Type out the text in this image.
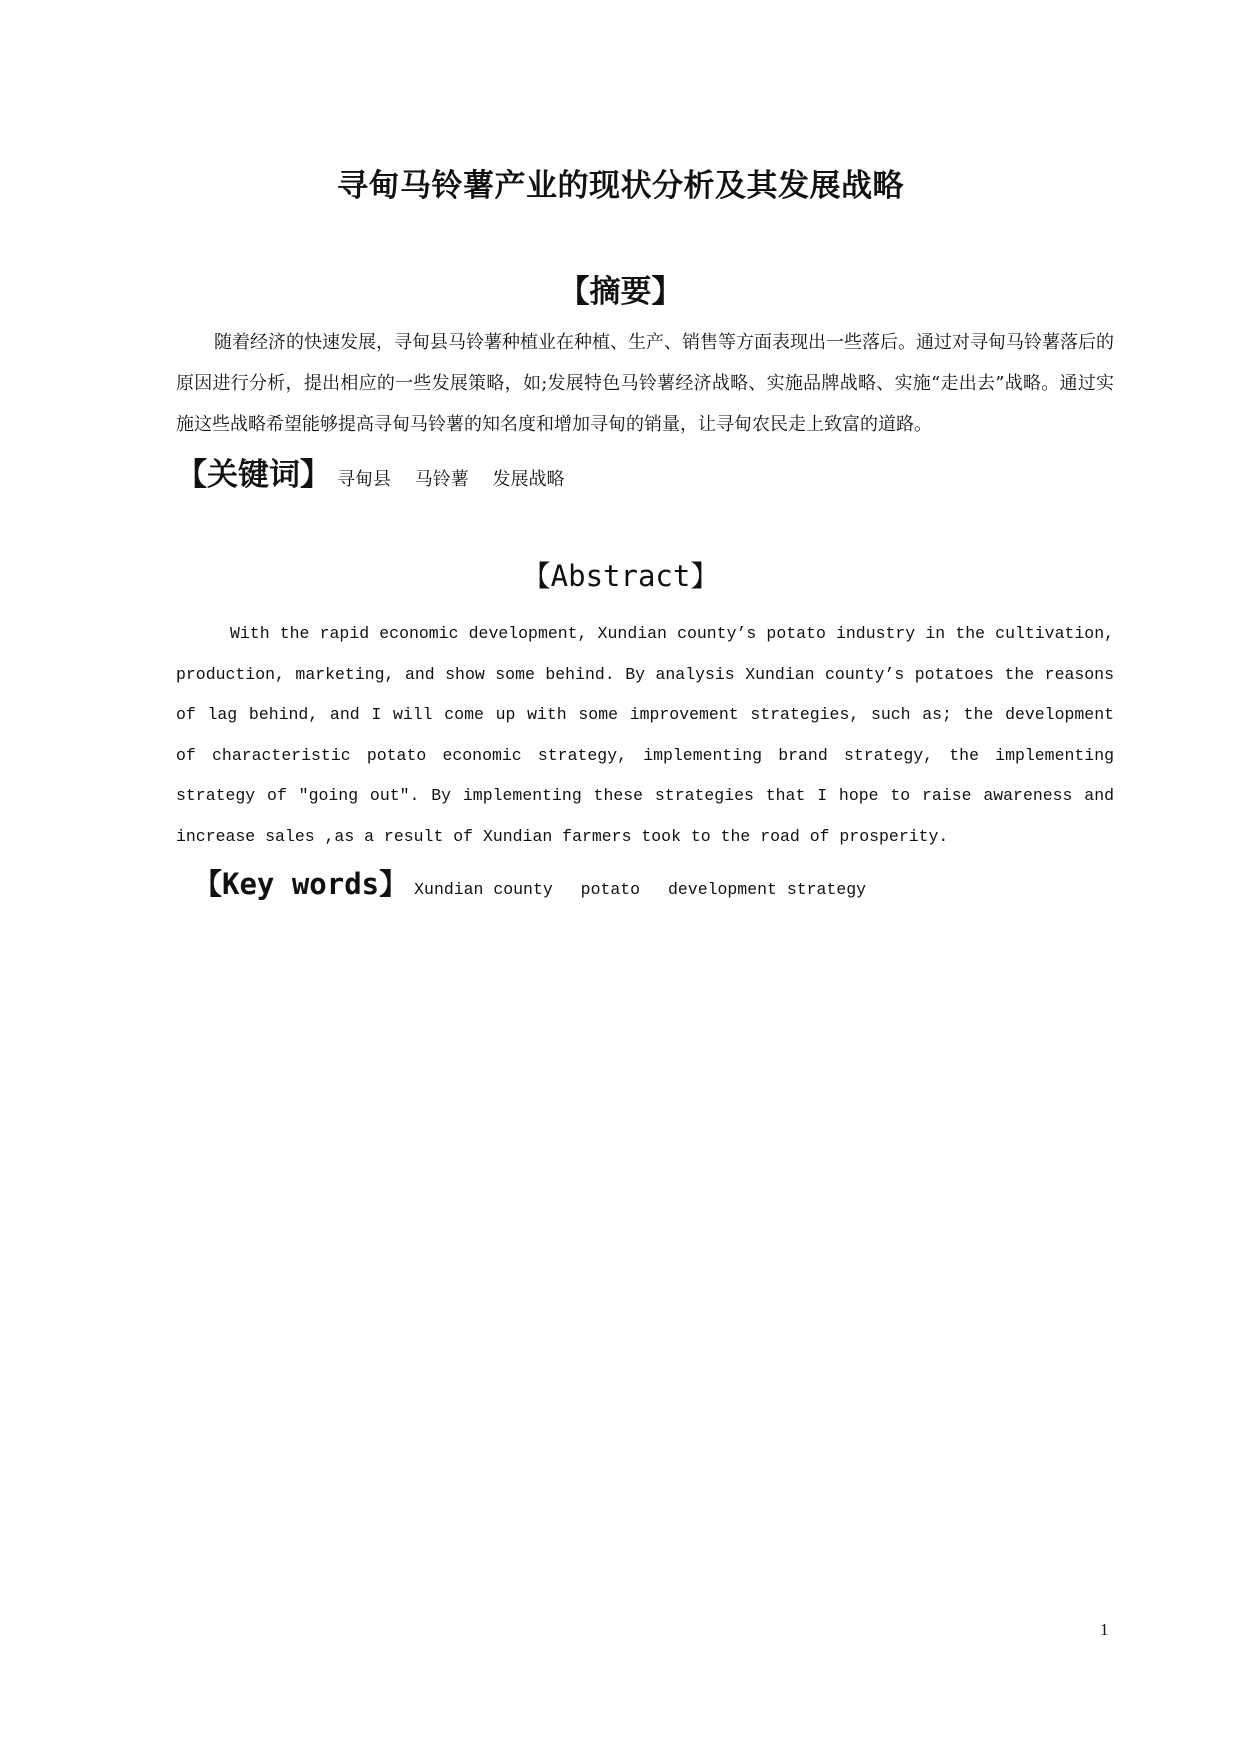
寻甸马铃薯产业的现状分析及其发展战略
【摘要】

随着经济的快速发展，寻甸县马铃薯种植业在种植、生产、销售等方面表现出一些落后。通过对寻甸马铃薯落后的原因进行分析，提出相应的一些发展策略，如;发展特色马铃薯经济战略、实施品牌战略、实施“走出去”战略。通过实施这些战略希望能够提高寻甸马铃薯的知名度和增加寻甸的销量，让寻甸农民走上致富的道路。

【关键词】 寻甸县 马铃薯 发展战略
【Abstract】

With the rapid economic development, Xundian county’s potato industry in the cultivation, production, marketing, and show some behind. By analysis Xundian county’s potatoes the reasons of lag behind, and I will come up with some improvement strategies, such as; the development of characteristic potato economic strategy, implementing brand strategy, the implementing strategy of "going out". By implementing these strategies that I hope to raise awareness and increase sales ,as a result of Xundian farmers took to the road of prosperity.

【Key words】 Xundian county potato development strategy
1
